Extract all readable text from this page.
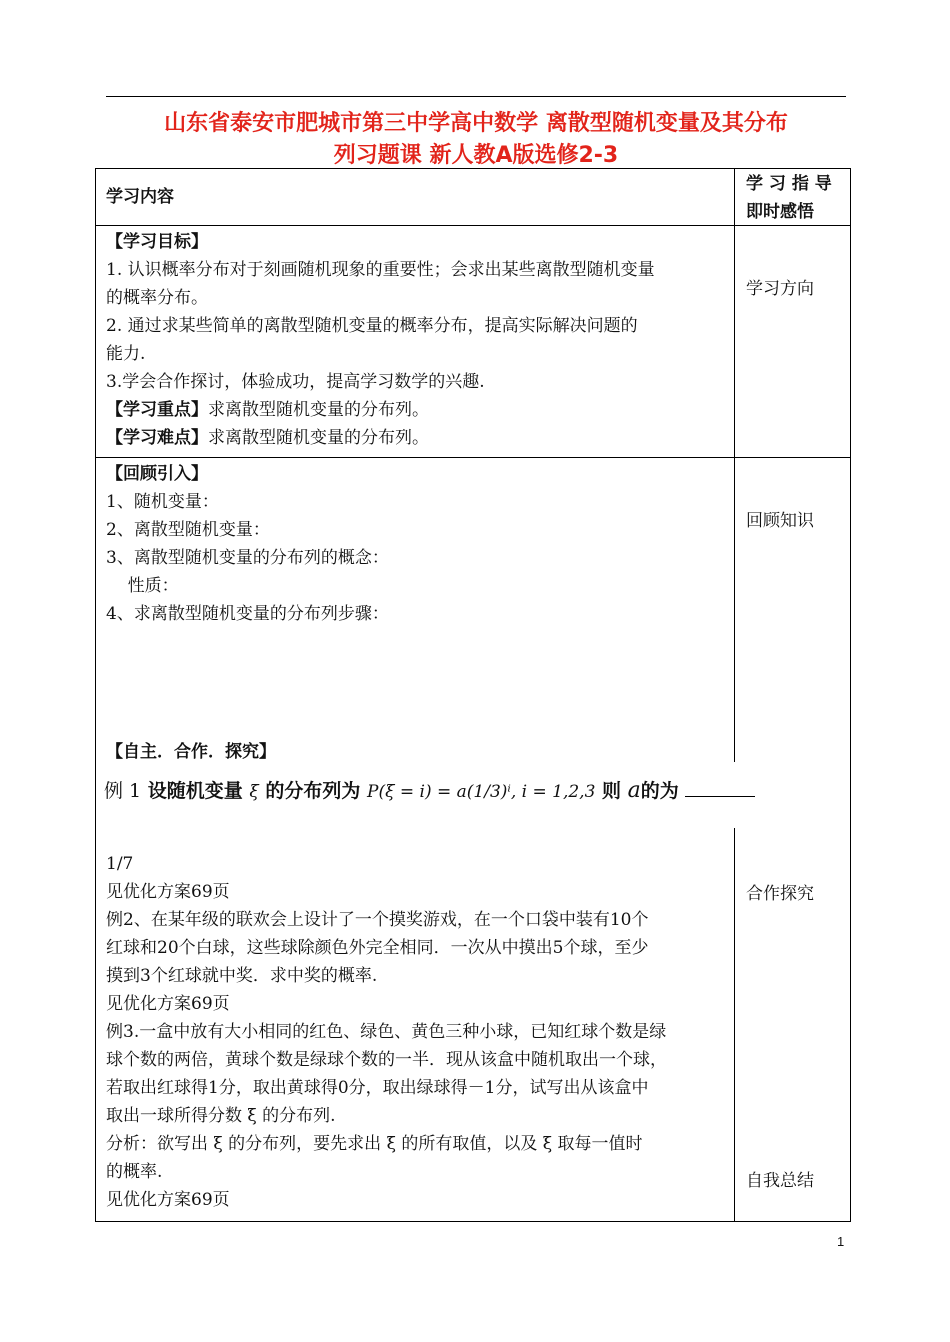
山东省泰安市肥城市第三中学高中数学 离散型随机变量及其分布
列习题课 新人教A版选修2-3
学习内容
学 习 指 导
即时感悟
【学习目标】
1. 认识概率分布对于刻画随机现象的重要性；会求出某些离散型随机变量
的概率分布。
2. 通过求某些简单的离散型随机变量的概率分布，提高实际解决问题的
能力.
3.学会合作探讨，体验成功，提高学习数学的兴趣.
【学习重点】求离散型随机变量的分布列。
【学习难点】求离散型随机变量的分布列。
学习方向
【回顾引入】
1、随机变量：
2、离散型随机变量：
3、离散型随机变量的分布列的概念：
性质：
4、求离散型随机变量的分布列步骤：
回顾知识
【自主．合作．探究】
例 1 设随机变量 ξ 的分布列为 P(ξ = i) = a(1/3)ⁱ, i = 1,2,3 则 a的为
1/7
见优化方案69页
例2、在某年级的联欢会上设计了一个摸奖游戏，在一个口袋中装有10个
红球和20个白球，这些球除颜色外完全相同．一次从中摸出5个球，至少
摸到3个红球就中奖．求中奖的概率.
见优化方案69页
例3.一盒中放有大小相同的红色、绿色、黄色三种小球，已知红球个数是绿
球个数的两倍，黄球个数是绿球个数的一半．现从该盒中随机取出一个球，
若取出红球得1分，取出黄球得0分，取出绿球得－1分，试写出从该盒中
取出一球所得分数 ξ 的分布列.
分析：欲写出 ξ 的分布列，要先求出 ξ 的所有取值，以及 ξ 取每一值时
的概率.
见优化方案69页
合作探究
自我总结
1
